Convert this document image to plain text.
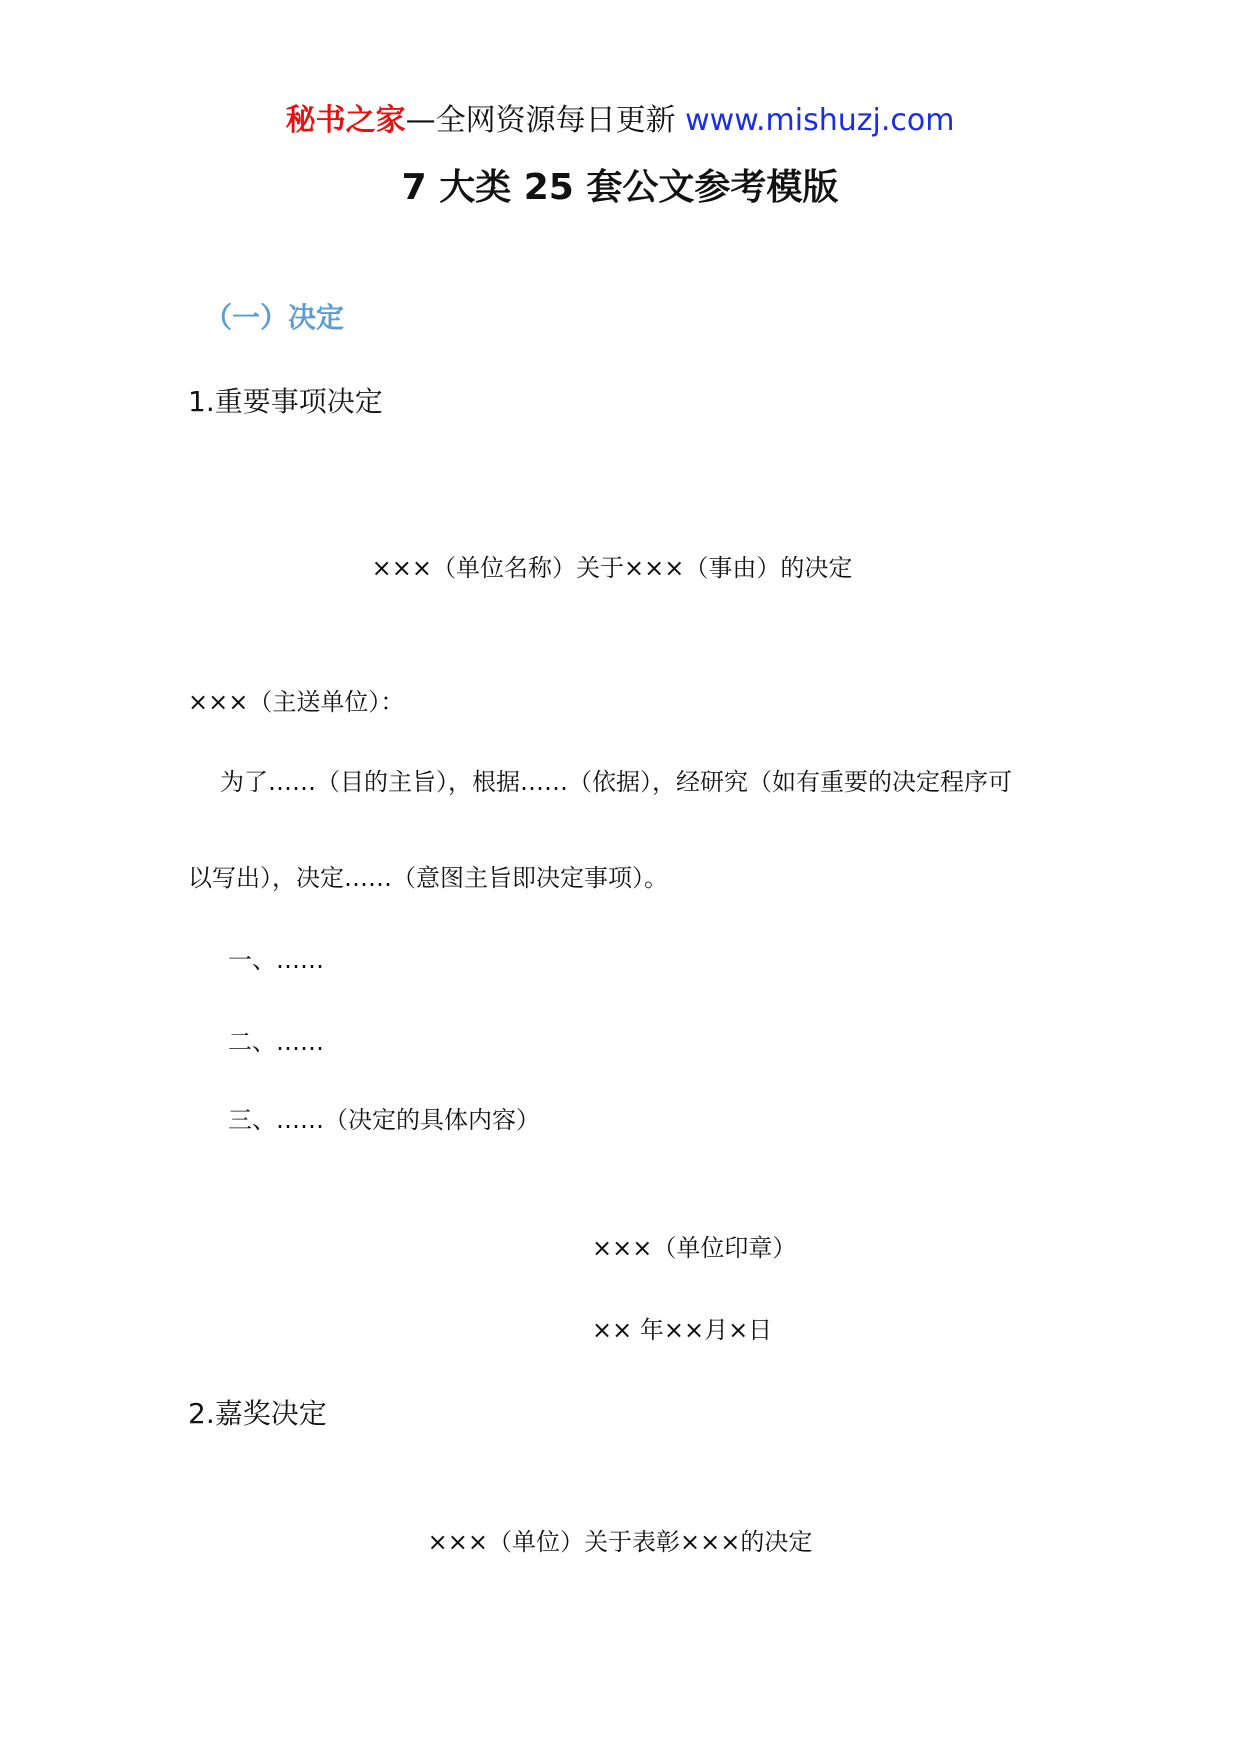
秘书之家—全网资源每日更新 www.mishuzj.com
7 大类 25 套公文参考模版
（一）决定
1.重要事项决定
×××（单位名称）关于×××（事由）的决定
×××（主送单位）：
为了……（目的主旨），根据……（依据），经研究（如有重要的决定程序可
以写出），决定……（意图主旨即决定事项）。
一、……
二、……
三、……（决定的具体内容）
×××（单位印章）
×× 年××月×日
2.嘉奖决定
×××（单位）关于表彰×××的决定
